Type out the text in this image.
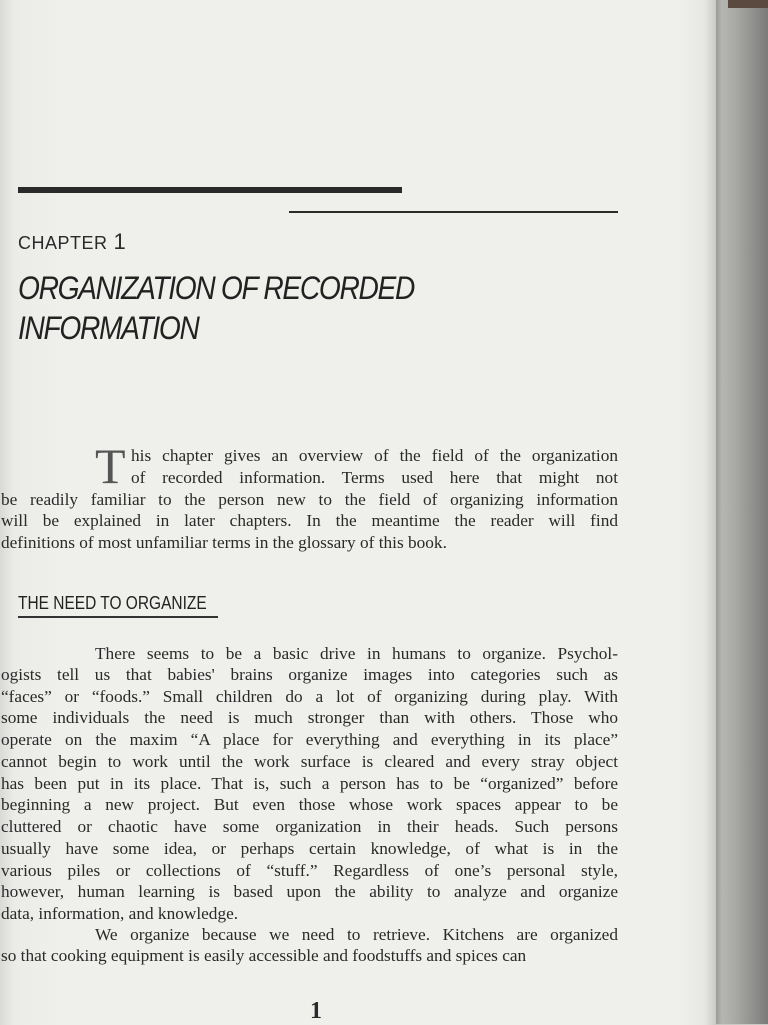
CHAPTER 1
ORGANIZATION OF RECORDED
INFORMATION
T his chapter gives an overview of the field of the organization
of recorded information. Terms used here that might not
be readily familiar to the person new to the field of organizing information
will be explained in later chapters. In the meantime the reader will find
definitions of most unfamiliar terms in the glossary of this book.
THE NEED TO ORGANIZE
There seems to be a basic drive in humans to organize. Psychol-
ogists tell us that babies' brains organize images into categories such as
“faces” or “foods.” Small children do a lot of organizing during play. With
some individuals the need is much stronger than with others. Those who
operate on the maxim “A place for everything and everything in its place”
cannot begin to work until the work surface is cleared and every stray object
has been put in its place. That is, such a person has to be “organized” before
beginning a new project. But even those whose work spaces appear to be
cluttered or chaotic have some organization in their heads. Such persons
usually have some idea, or perhaps certain knowledge, of what is in the
various piles or collections of “stuff.” Regardless of one’s personal style,
however, human learning is based upon the ability to analyze and organize
data, information, and knowledge.
We organize because we need to retrieve. Kitchens are organized
so that cooking equipment is easily accessible and foodstuffs and spices can
1
